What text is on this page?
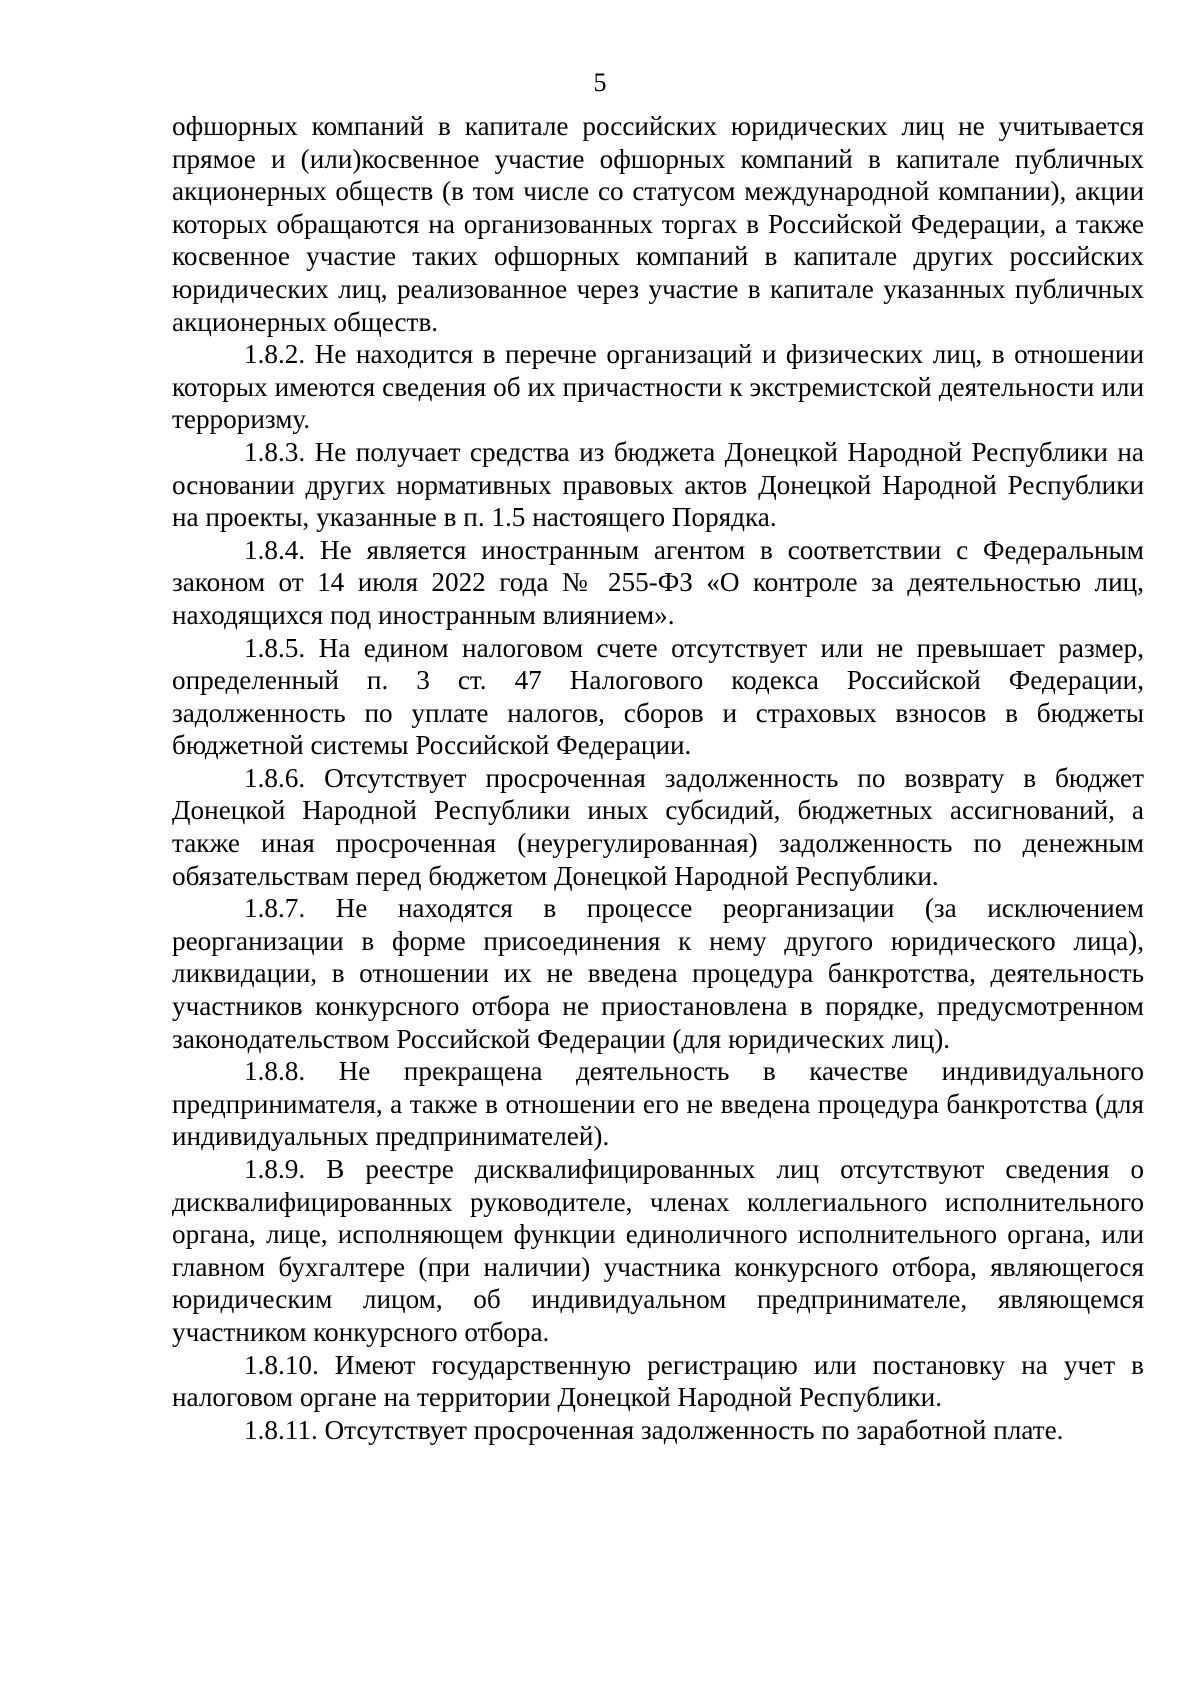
5

офшорных компаний в капитале российских юридических лиц не учитывается прямое и (или)косвенное участие офшорных компаний в капитале публичных акционерных обществ (в том числе со статусом международной компании), акции которых обращаются на организованных торгах в Российской Федерации, а также косвенное участие таких офшорных компаний в капитале других российских юридических лиц, реализованное через участие в капитале указанных публичных акционерных обществ.

1.8.2. Не находится в перечне организаций и физических лиц, в отношении которых имеются сведения об их причастности к экстремистской деятельности или терроризму.

1.8.3. Не получает средства из бюджета Донецкой Народной Республики на основании других нормативных правовых актов Донецкой Народной Республики на проекты, указанные в п. 1.5 настоящего Порядка.

1.8.4. Не является иностранным агентом в соответствии с Федеральным законом от 14 июля 2022 года № 255-ФЗ «О контроле за деятельностью лиц, находящихся под иностранным влиянием».

1.8.5. На едином налоговом счете отсутствует или не превышает размер, определенный п. 3 ст. 47 Налогового кодекса Российской Федерации, задолженность по уплате налогов, сборов и страховых взносов в бюджеты бюджетной системы Российской Федерации.

1.8.6. Отсутствует просроченная задолженность по возврату в бюджет Донецкой Народной Республики иных субсидий, бюджетных ассигнований, а также иная просроченная (неурегулированная) задолженность по денежным обязательствам перед бюджетом Донецкой Народной Республики.

1.8.7. Не находятся в процессе реорганизации (за исключением реорганизации в форме присоединения к нему другого юридического лица), ликвидации, в отношении их не введена процедура банкротства, деятельность участников конкурсного отбора не приостановлена в порядке, предусмотренном законодательством Российской Федерации (для юридических лиц).

1.8.8. Не прекращена деятельность в качестве индивидуального предпринимателя, а также в отношении его не введена процедура банкротства (для индивидуальных предпринимателей).

1.8.9. В реестре дисквалифицированных лиц отсутствуют сведения о дисквалифицированных руководителе, членах коллегиального исполнительного органа, лице, исполняющем функции единоличного исполнительного органа, или главном бухгалтере (при наличии) участника конкурсного отбора, являющегося юридическим лицом, об индивидуальном предпринимателе, являющемся участником конкурсного отбора.

1.8.10. Имеют государственную регистрацию или постановку на учет в налоговом органе на территории Донецкой Народной Республики.

1.8.11. Отсутствует просроченная задолженность по заработной плате.
